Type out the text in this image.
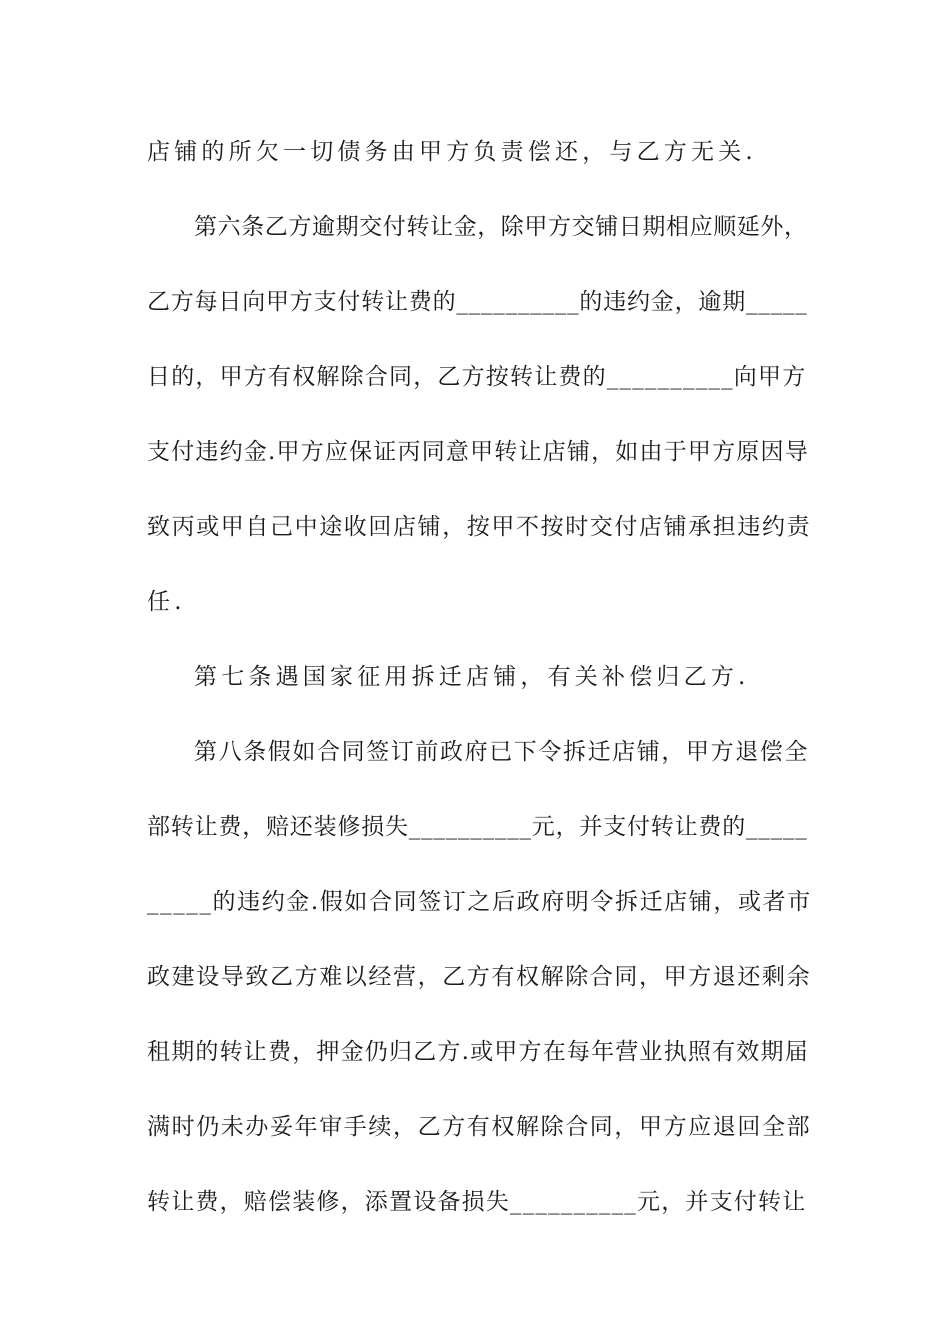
店铺的所欠一切债务由甲方负责偿还，与乙方无关.
第六条乙方逾期交付转让金，除甲方交铺日期相应顺延外，
乙方每日向甲方支付转让费的__________的违约金，逾期_____
日的，甲方有权解除合同，乙方按转让费的__________向甲方
支付违约金.甲方应保证丙同意甲转让店铺，如由于甲方原因导
致丙或甲自己中途收回店铺，按甲不按时交付店铺承担违约责
任.
第七条遇国家征用拆迁店铺，有关补偿归乙方.
第八条假如合同签订前政府已下令拆迁店铺，甲方退偿全
部转让费，赔还装修损失__________元，并支付转让费的_____
_____的违约金.假如合同签订之后政府明令拆迁店铺，或者市
政建设导致乙方难以经营，乙方有权解除合同，甲方退还剩余
租期的转让费，押金仍归乙方.或甲方在每年营业执照有效期届
满时仍未办妥年审手续，乙方有权解除合同，甲方应退回全部
转让费，赔偿装修，添置设备损失__________元，并支付转让
